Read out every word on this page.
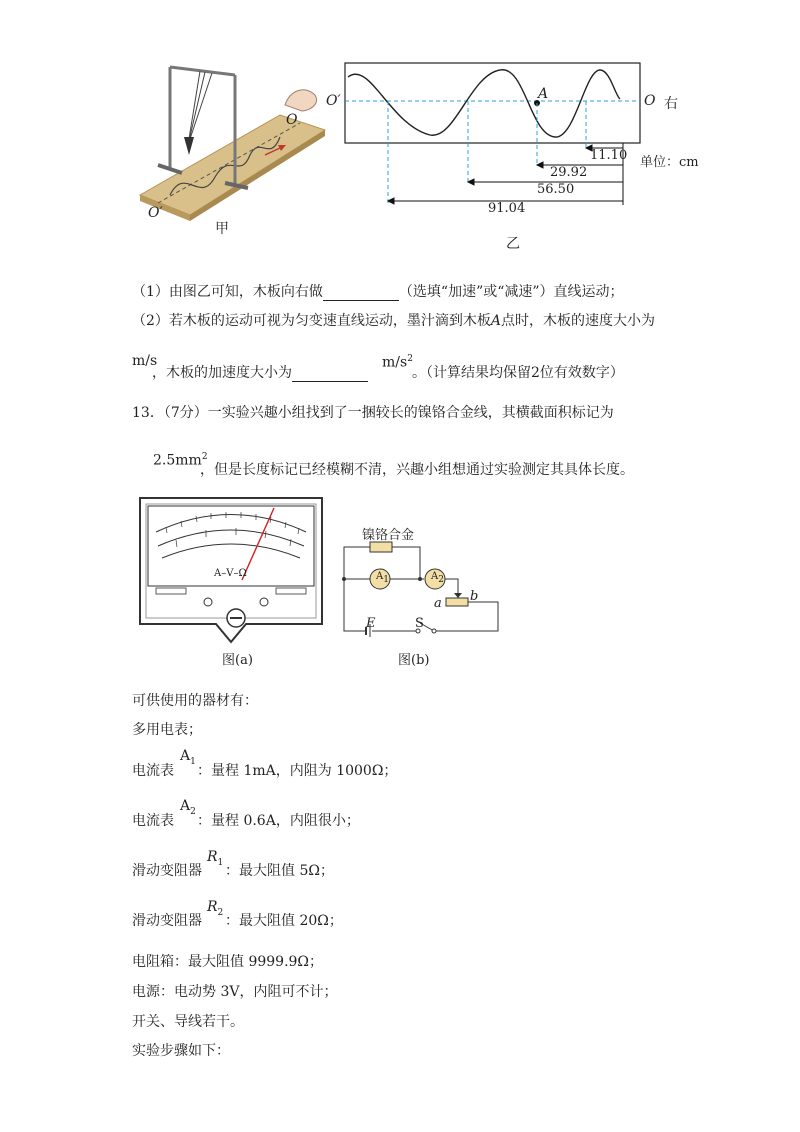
O
O′
甲
O′	A	O 右
单位：cm
11.10
29.92
56.50
91.04
乙
（1）由图乙可知，木板向右做	（选填“加速”或“减速”）直线运动；
（2）若木板的运动可视为匀变速直线运动，墨汁滴到木板A点时，木板的速度大小为
m/s
，木板的加速度大小为
$m/s^2$
。（计算结果均保留2位有效数字）
13．（7分）一实验兴趣小组找到了一捆较长的镍铬合金线，其横截面积标记为
$2.5mm^2$
，但是长度标记已经模糊不清，兴趣小组想通过实验测定其具体长度。
A–V–Ω
图(a)
镍铬合金
$A_1$	$A_2$
a b
E	S
图(b)
可供使用的器材有：
多用电表；
电流表
$A_1$
：量程 1mA，内阻为 1000Ω；
电流表
$A_2$
：量程 0.6A，内阻很小；
滑动变阻器
$R_1$
：最大阻值 5Ω；
滑动变阻器
$R_2$
：最大阻值 20Ω；
电阻箱：最大阻值 9999.9Ω；
电源：电动势 3V，内阻可不计；
开关、导线若干。
实验步骤如下：
